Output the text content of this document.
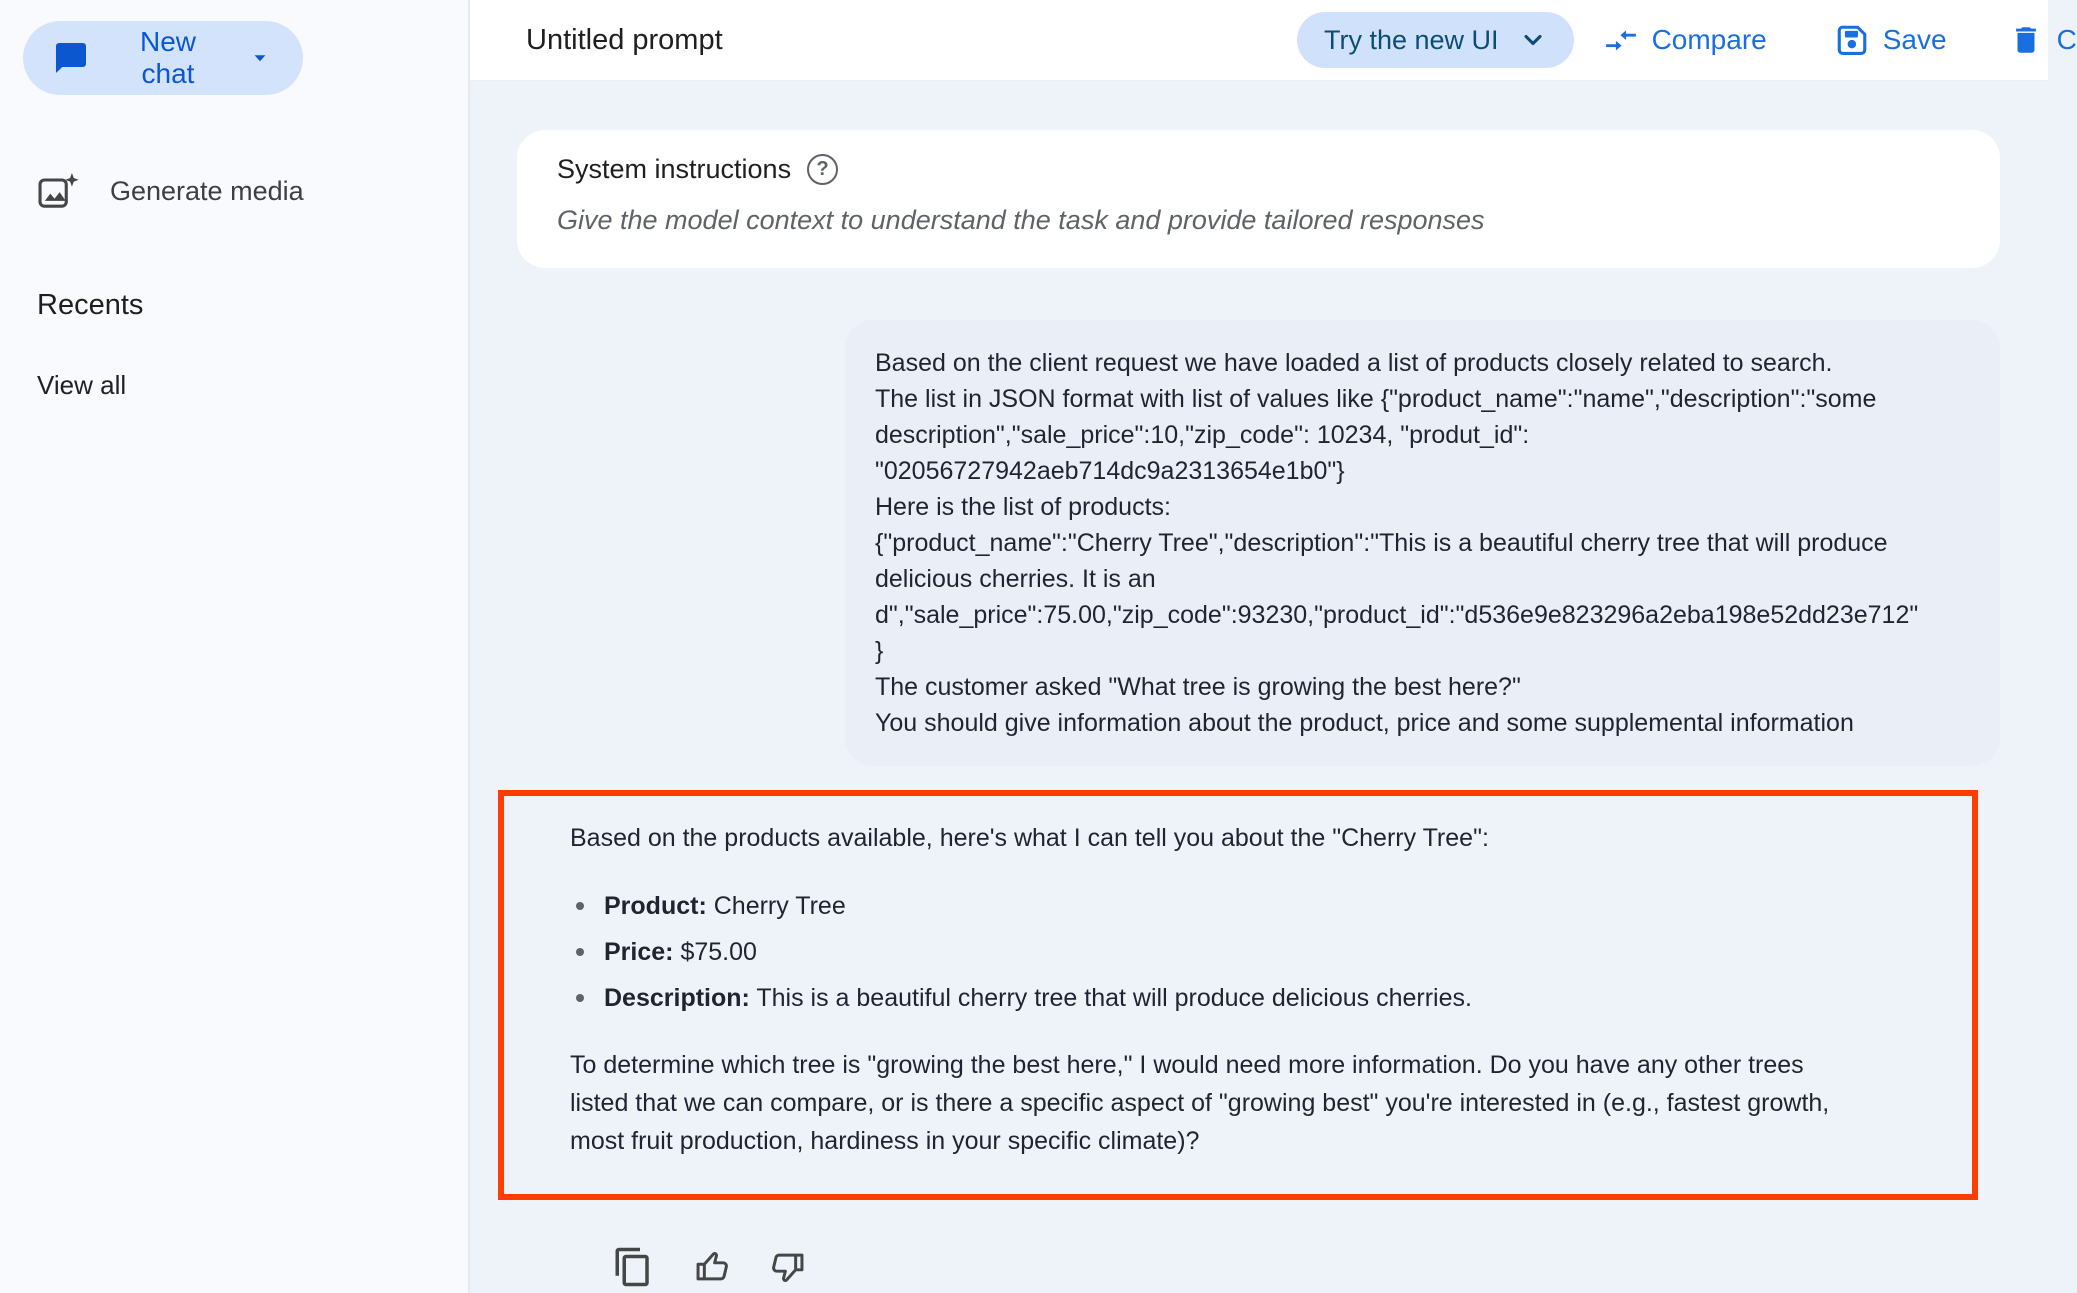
New chat
Generate media
Recents
View all
Untitled prompt	Try the new UI	Compare	Save	C
System instructions	?
Give the model context to understand the task and provide tailored responses
Based on the client request we have loaded a list of products closely related to search.
The list in JSON format with list of values like {"product_name":"name","description":"some
description","sale_price":10,"zip_code": 10234, "produt_id":
"02056727942aeb714dc9a2313654e1b0"}
Here is the list of products:
{"product_name":"Cherry Tree","description":"This is a beautiful cherry tree that will produce
delicious cherries. It is an
d","sale_price":75.00,"zip_code":93230,"product_id":"d536e9e823296a2eba198e52dd23e712"
}
The customer asked "What tree is growing the best here?"
You should give information about the product, price and some supplemental information

Based on the products available, here's what I can tell you about the "Cherry Tree":

Product: Cherry Tree
Price: $75.00
Description: This is a beautiful cherry tree that will produce delicious cherries.
To determine which tree is "growing the best here," I would need more information. Do you have any other trees
listed that we can compare, or is there a specific aspect of "growing best" you're interested in (e.g., fastest growth,
most fruit production, hardiness in your specific climate)?
